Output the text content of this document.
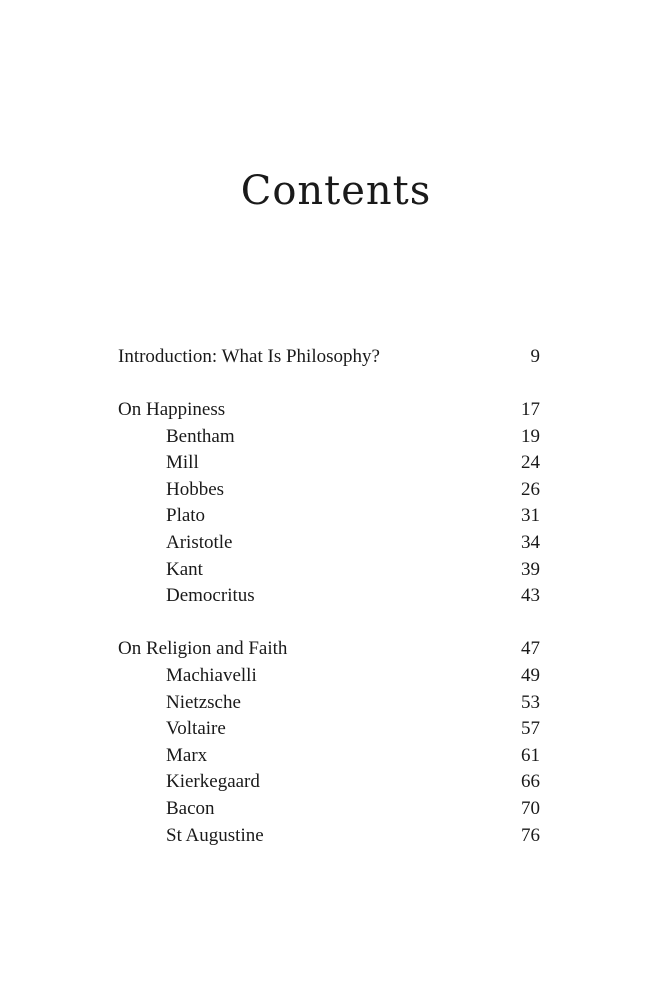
Contents
Introduction: What Is Philosophy?	9
On Happiness	17
Bentham	19
Mill	24
Hobbes	26
Plato	31
Aristotle	34
Kant	39
Democritus	43
On Religion and Faith	47
Machiavelli	49
Nietzsche	53
Voltaire	57
Marx	61
Kierkegaard	66
Bacon	70
St Augustine	76
